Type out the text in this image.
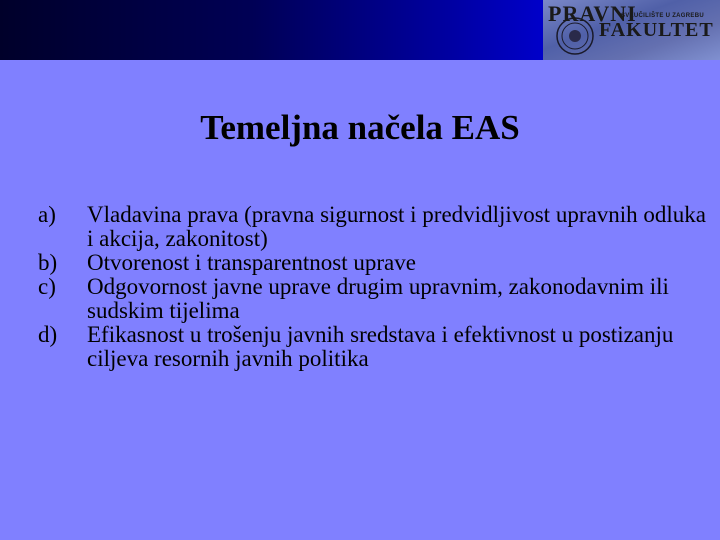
PRAVNI
SVEUČILIŠTE U ZAGREBU
FAKULTET
Temeljna načela EAS
a) Vladavina prava (pravna sigurnost i predvidljivost upravnih odluka i akcija, zakonitost)
b) Otvorenost i transparentnost uprave
c) Odgovornost javne uprave drugim upravnim, zakonodavnim ili sudskim tijelima
d) Efikasnost u trošenju javnih sredstava i efektivnost u postizanju ciljeva resornih javnih politika
